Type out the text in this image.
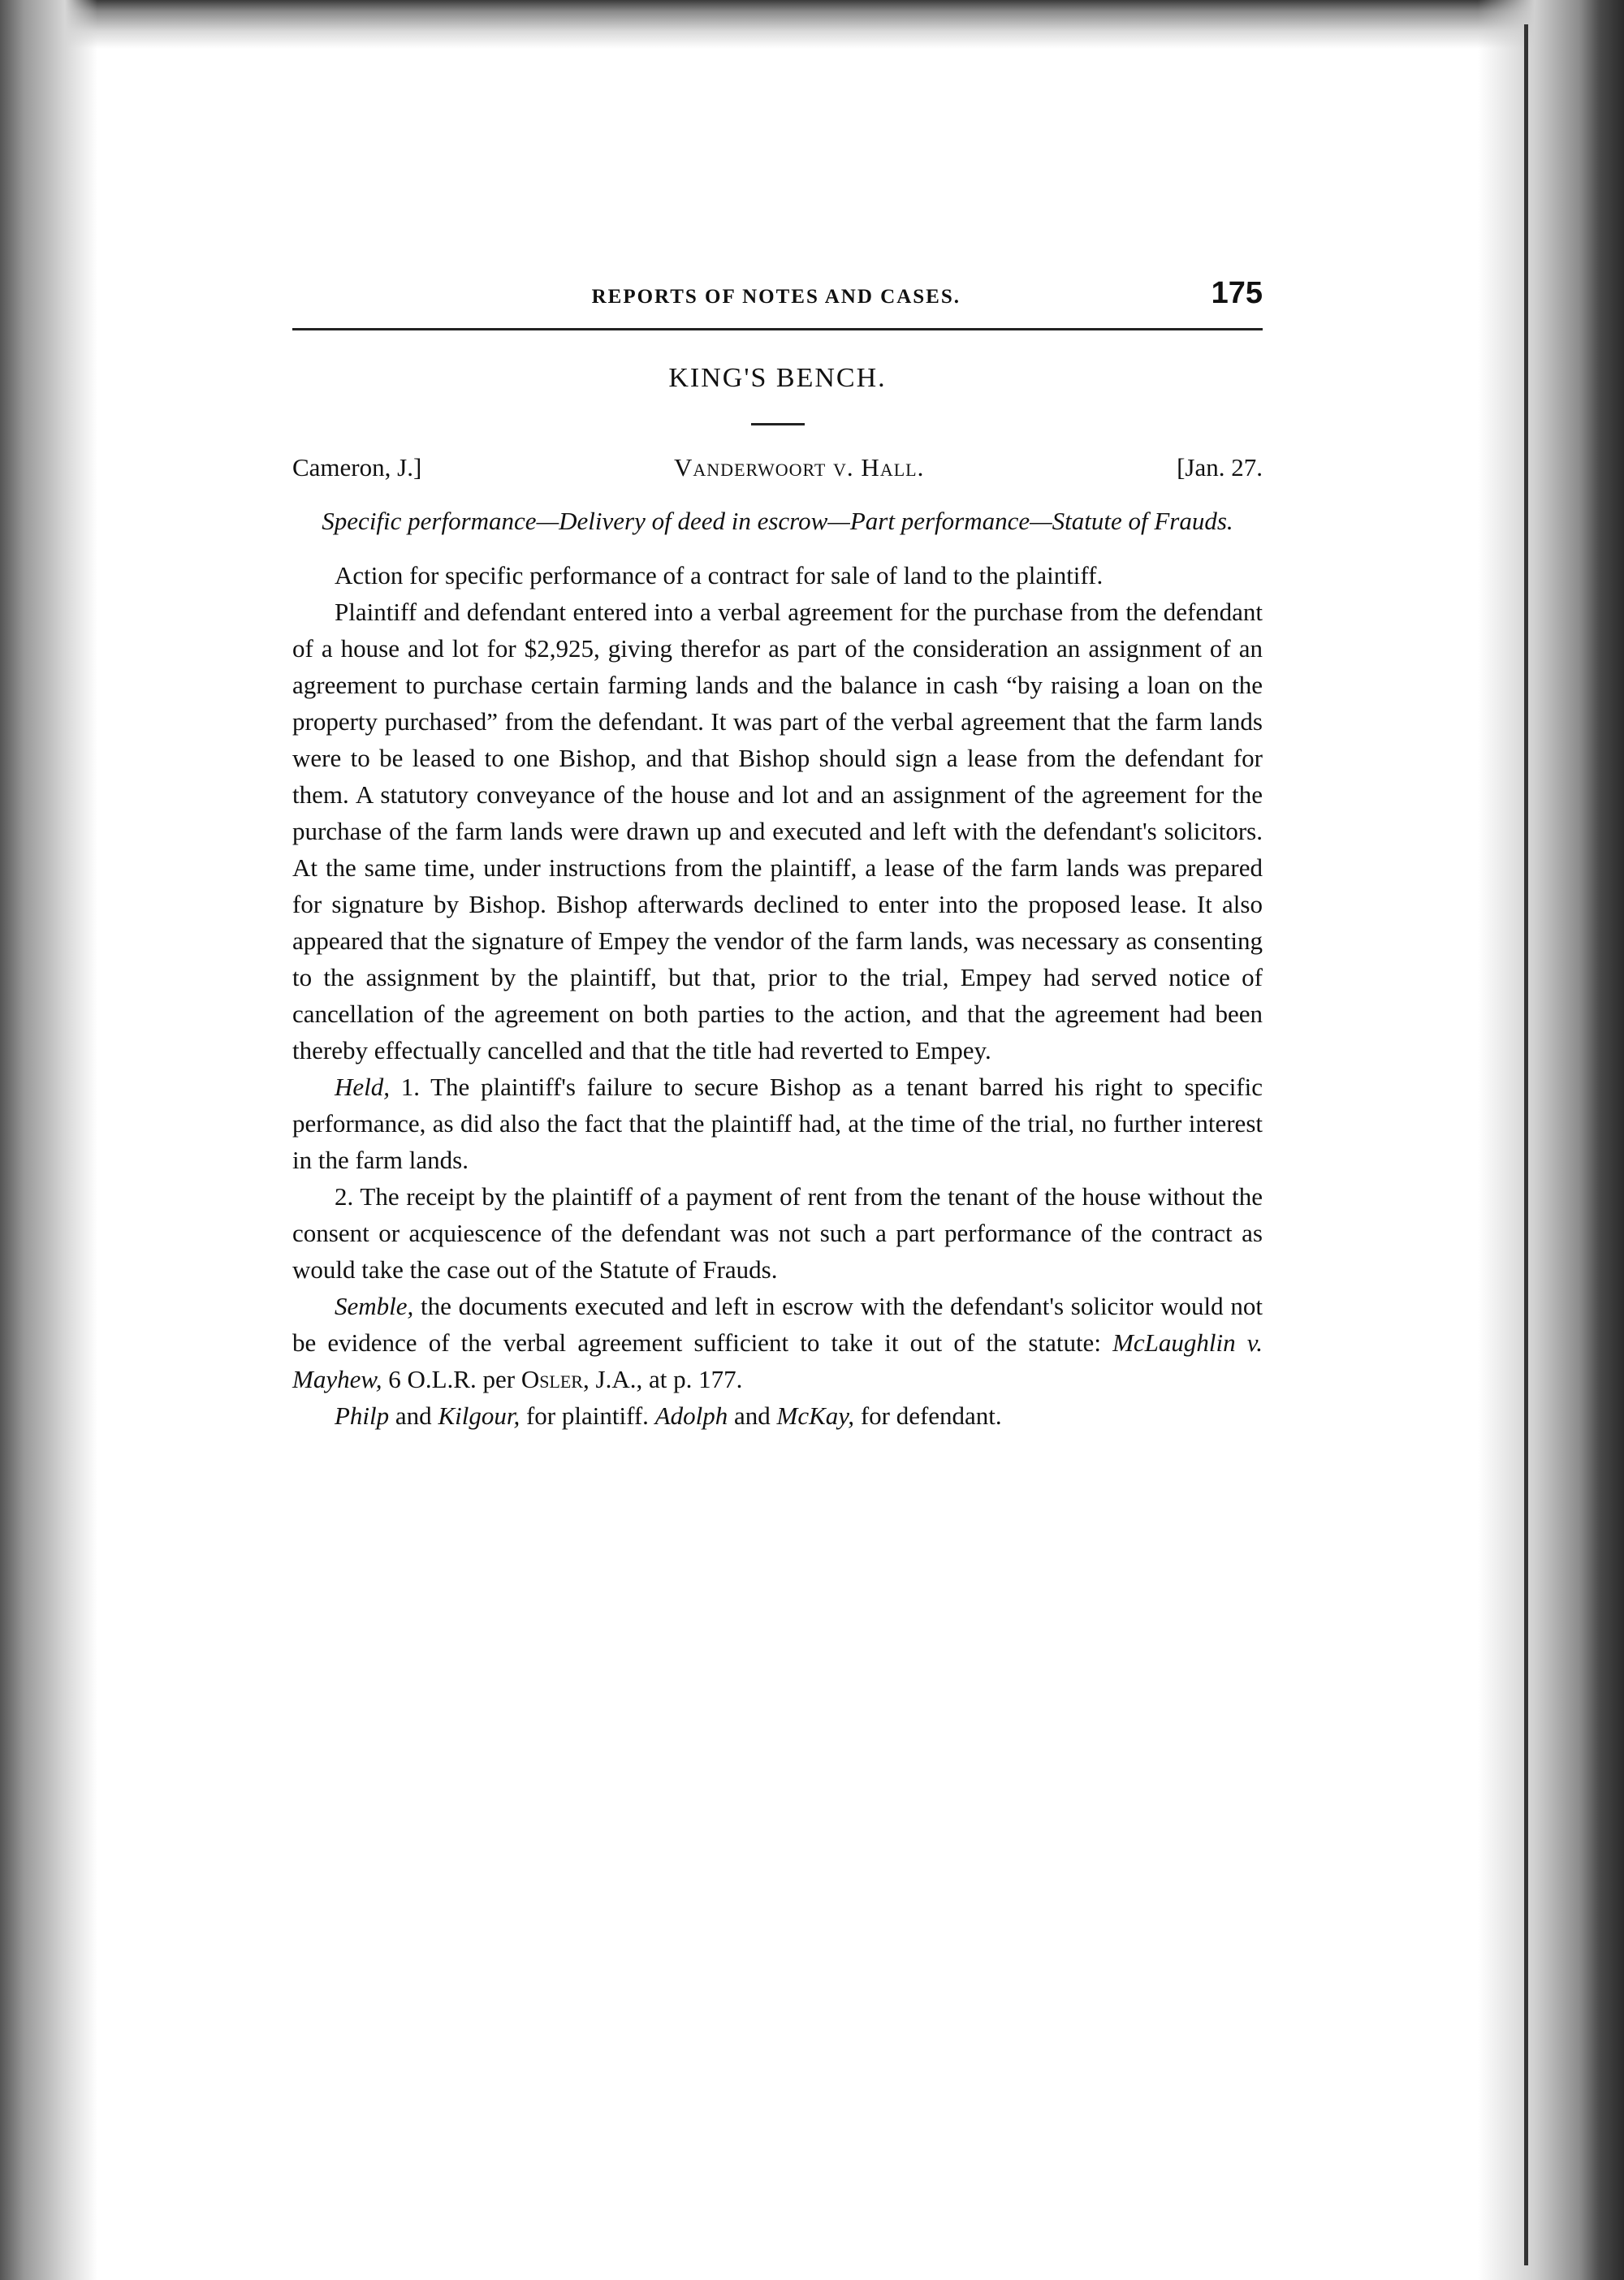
REPORTS OF NOTES AND CASES.	175
KING'S BENCH.
Cameron, J.]	Vanderwoort v. Hall.	[Jan. 27.
Specific performance—Delivery of deed in escrow—Part performance—Statute of Frauds.

Action for specific performance of a contract for sale of land to the plaintiff.

Plaintiff and defendant entered into a verbal agreement for the purchase from the defendant of a house and lot for $2,925, giving therefor as part of the consideration an assignment of an agreement to purchase certain farming lands and the balance in cash “by raising a loan on the property purchased” from the defendant. It was part of the verbal agreement that the farm lands were to be leased to one Bishop, and that Bishop should sign a lease from the defendant for them. A statutory conveyance of the house and lot and an assignment of the agreement for the purchase of the farm lands were drawn up and executed and left with the defendant's solicitors. At the same time, under instructions from the plaintiff, a lease of the farm lands was prepared for signature by Bishop. Bishop afterwards declined to enter into the proposed lease. It also appeared that the signature of Empey the vendor of the farm lands, was necessary as consenting to the assignment by the plaintiff, but that, prior to the trial, Empey had served notice of cancellation of the agreement on both parties to the action, and that the agreement had been thereby effectually cancelled and that the title had reverted to Empey.

Held, 1. The plaintiff's failure to secure Bishop as a tenant barred his right to specific performance, as did also the fact that the plaintiff had, at the time of the trial, no further interest in the farm lands.

2. The receipt by the plaintiff of a payment of rent from the tenant of the house without the consent or acquiescence of the defendant was not such a part performance of the contract as would take the case out of the Statute of Frauds.

Semble, the documents executed and left in escrow with the defendant's solicitor would not be evidence of the verbal agreement sufficient to take it out of the statute: McLaughlin v. Mayhew, 6 O.L.R. per Osler, J.A., at p. 177.

Philp and Kilgour, for plaintiff. Adolph and McKay, for defendant.
